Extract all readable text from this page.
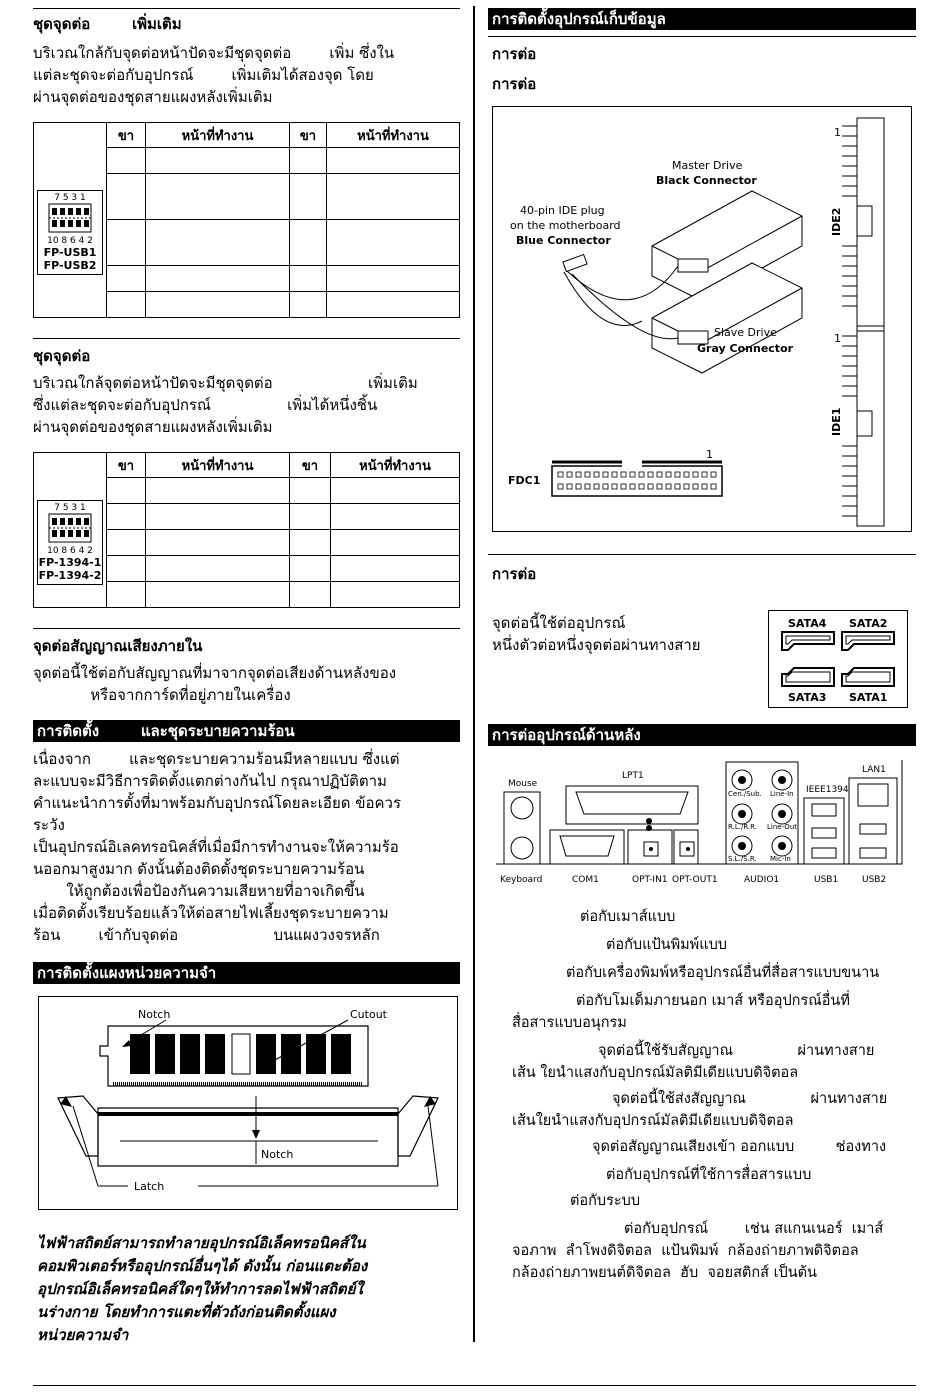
ชุดจุดต่อ        เพิ่มเติม

บริเวณใกล้กับจุดต่อหน้าปัดจะมีชุดจุดต่อ        เพิ่ม ซึ่งใน

แต่ละชุดจะต่อกับอุปกรณ์        เพิ่มเติมได้สองจุด โดย

ผ่านจุดต่อของชุดสายแผงหลังเพิ่มเติม

	ขา	หน้าที่ทำงาน	ขา	หน้าที่ทำงาน

7 5 3 1
10 8 6 4 2
FP-USB1
FP-USB2				

ชุดจุดต่อ

บริเวณใกล้จุดต่อหน้าปัดจะมีชุดจุดต่อ                    เพิ่มเติม

ซึ่งแต่ละชุดจะต่อกับอุปกรณ์                เพิ่มได้หนึ่งชิ้น

ผ่านจุดต่อของชุดสายแผงหลังเพิ่มเติม

	ขา	หน้าที่ทำงาน	ขา	หน้าที่ทำงาน

7 5 3 1
10 8 6 4 2
FP-1394-1
FP-1394-2				

จุดต่อสัญญาณเสียงภายใน

จุดต่อนี้ใช้ต่อกับสัญญาณที่มาจากจุดต่อเสียงด้านหลังของ

หรือจากการ์ดที่อยู่ภายในเครื่อง

การติดตั้ง        และชุดระบายความร้อน

เนื่องจาก        และชุดระบายความร้อนมีหลายแบบ ซึ่งแต่

ละแบบจะมีวิธีการติดตั้งแตกต่างกันไป กรุณาปฏิบัติตาม

คำแนะนำการตั้งที่มาพร้อมกับอุปกรณ์โดยละเอียด ข้อควร

ระวัง

เป็นอุปกรณ์อิเลคทรอนิคส์ที่เมื่อมีการทำงานจะให้ความร้อ

นออกมาสูงมาก ดังนั้นต้องติดตั้งชุดระบายความร้อน

ให้ถูกต้องเพื่อป้องกันความเสียหายที่อาจเกิดขึ้น

เมื่อติดตั้งเรียบร้อยแล้วให้ต่อสายไฟเลี้ยงชุดระบายความ

ร้อน        เข้ากับจุดต่อ                    บนแผงวงจรหลัก

การติดตั้งแผงหน่วยความจำ
Notch	Cutout
Notch
Latch

ไฟฟ้าสถิตย์สามารถทำลายอุปกรณ์อิเล็คทรอนิคส์ใน

คอมพิวเตอร์หรืออุปกรณ์อื่นๆได้ ดังนั้น ก่อนแตะต้อง

อุปกรณ์อิเล็คทรอนิคส์ใดๆให้ทำการลดไฟฟ้าสถิตย์ใ

นร่างกาย โดยทำการแตะที่ตัวถังก่อนติดตั้งแผง

หน่วยความจำ

การติดตั้งอุปกรณ์เก็บข้อมูล

การต่อ

การต่อ

Master Drive
Black Connector
40-pin IDE plug
on the motherboard
Blue Connector
Slave Drive
Gray Connector
IDE2
IDE1
FDC1
1
1
1

การต่อ

จุดต่อนี้ใช้ต่ออุปกรณ์

หนึ่งตัวต่อหนึ่งจุดต่อผ่านทางสาย

SATA4 SATA2
SATA3 SATA1
การต่ออุปกรณ์ด้านหลัง
Mouse
Keyboard
LPT1
COM1	OPT-IN1 OPT-OUT1	AUDIO1	USB1	USB2
IEEE1394
LAN1
Cen./Sub. Line-In
R.L./R.R. Line-Out
S.L./S.R. Mic-In

ต่อกับเมาส์แบบ

ต่อกับแป้นพิมพ์แบบ

ต่อกับเครื่องพิมพ์หรืออุปกรณ์อื่นที่สื่อสารแบบขนาน

ต่อกับโมเด็มภายนอก เมาส์ หรืออุปกรณ์อื่นที่

สื่อสารแบบอนุกรม

จุดต่อนี้ใช้รับสัญญาณ              ผ่านทางสาย

เส้น ใยนำแสงกับอุปกรณ์มัลติมีเดียแบบดิจิตอล

จุดต่อนี้ใช้ส่งสัญญาณ              ผ่านทางสาย

เส้นใยนำแสงกับอุปกรณ์มัลติมีเดียแบบดิจิตอล

จุดต่อสัญญาณเสียงเข้า ออกแบบ         ช่องทาง

ต่อกับอุปกรณ์ที่ใช้การสื่อสารแบบ

ต่อกับระบบ

ต่อกับอุปกรณ์        เช่น สแกนเนอร์  เมาส์

จอภาพ  ลำโพงดิจิตอล  แป้นพิมพ์  กล้องถ่ายภาพดิจิตอล

กล้องถ่ายภาพยนต์ดิจิตอล  ฮับ  จอยสติกส์ เป็นต้น
